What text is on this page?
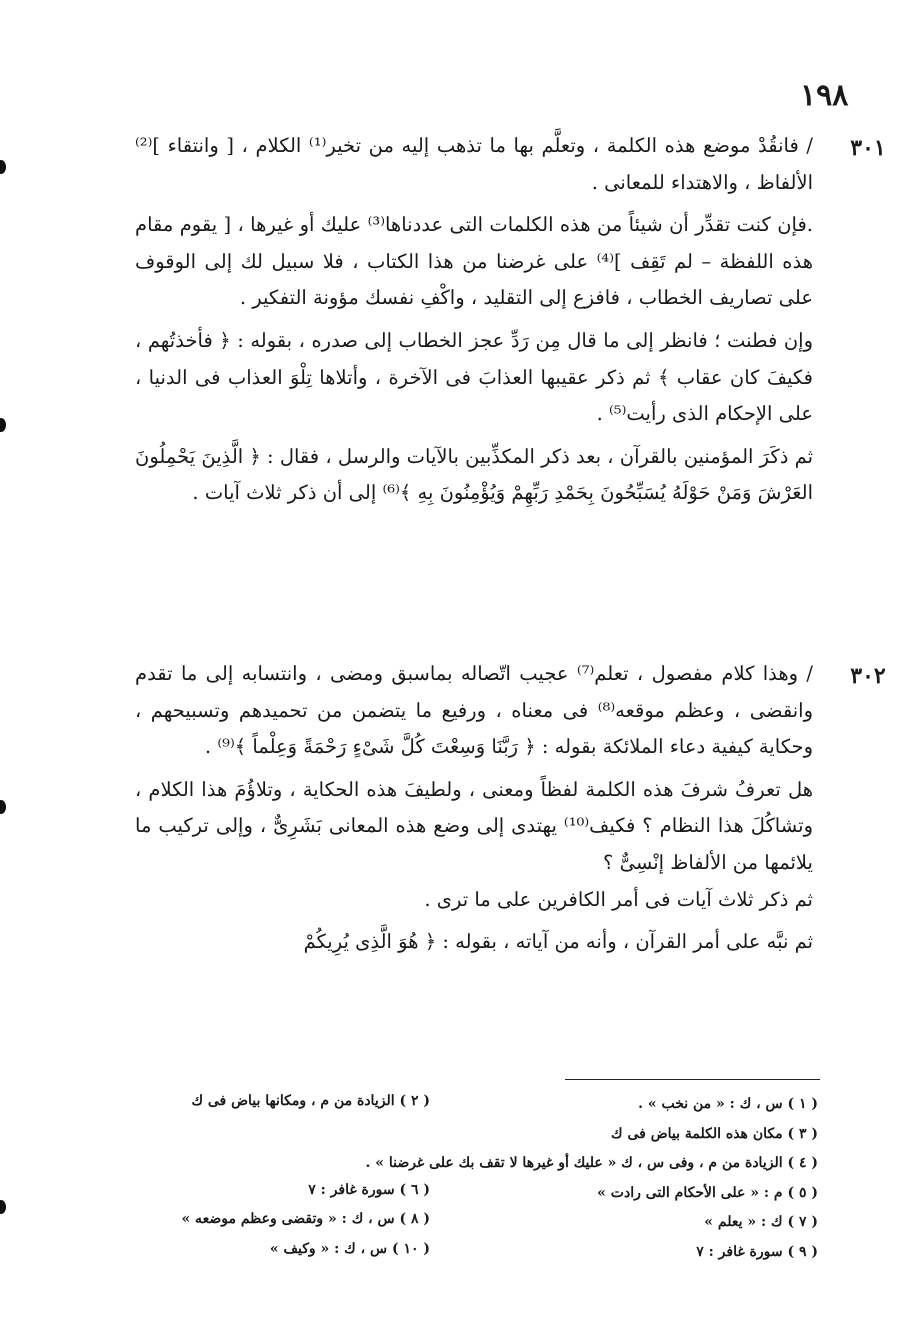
١٩٨
٣٠١
٣٠٢

/ فانقُدْ موضع هذه الكلمة ، وتعلَّم بها ما تذهب إليه من تخير⁽¹⁾ الكلام ، [ وانتقاء ]⁽²⁾ الألفاظ ، والاهتداء للمعانى .

.فإن كنت تقدِّر أن شيئاً من هذه الكلمات التى عددناها⁽³⁾ عليك أو غيرها ، [ يقوم مقام هذه اللفظة – لم تَقِف ]⁽⁴⁾ على غرضنا من هذا الكتاب ، فلا سبيل لك إلى الوقوف على تصاريف الخطاب ، فافزع إلى التقليد ، واكْفِ نفسك مؤونة التفكير .

وإن فطنت ؛ فانظر إلى ما قال مِن رَدِّ عجز الخطاب إلى صدره ، بقوله : ﴿ فأخذتُهم ، فكيفَ كان عقاب ﴾ ثم ذكر عقيبها العذابَ فى الآخرة ، وأتلاها تِلْوَ العذاب فى الدنيا ، على الإحكام الذى رأيت⁽⁵⁾ .

ثم ذكَرَ المؤمنين بالقرآن ، بعد ذكر المكذِّبين بالآيات والرسل ، فقال : ﴿ الَّذِينَ يَحْمِلُونَ العَرْشَ وَمَنْ حَوْلَهُ يُسَبِّحُونَ بِحَمْدِ رَبِّهِمْ وَيُؤْمِنُونَ بِهِ ﴾⁽⁶⁾ إلى أن ذكر ثلاث آيات .

/ وهذا كلام مفصول ، تعلم⁽⁷⁾ عجيب اتّصاله بماسبق ومضى ، وانتسابه إلى ما تقدم وانقضى ، وعظم موقعه⁽⁸⁾ فى معناه ، ورفيع ما يتضمن من تحميدهم وتسبيحهم ، وحكاية كيفية دعاء الملائكة بقوله : ﴿ رَبَّنَا وَسِعْتَ كُلَّ شَىْءٍ رَحْمَةً وَعِلْماً ﴾⁽⁹⁾ .

هل تعرفُ شرفَ هذه الكلمة لفظاً ومعنى ، ولطيفَ هذه الحكاية ، وتلاؤُمَ هذا الكلام ، وتشاكُلَ هذا النظام ؟ فكيف⁽¹⁰⁾ يهتدى إلى وضع هذه المعانى بَشَرِىٌّ ، وإلى تركيب ما يلائمها من الألفاظ إنْسِىٌّ ؟

ثم ذكر ثلاث آيات فى أمر الكافرين على ما ترى .

ثم نبَّه على أمر القرآن ، وأنه من آياته ، بقوله : ﴿ هُوَ الَّذِى يُرِيكُمْ

( ١ ) س ، ك : « من نخب » .

( ٣ ) مكان هذه الكلمة بياض فى ك

( ٤ ) الزيادة من م ، وفى س ، ك « عليك أو غيرها لا تقف بك على غرضنا » .

( ٥ ) م : « على الأحكام التى رادت »

( ٧ ) ك : « يعلم »

( ٩ ) سورة غافر : ٧

( ٢ ) الزيادة من م ، ومكانها بياض فى ك

( ٦ ) سورة غافر : ٧

( ٨ ) س ، ك : « وتقضى وعظم موضعه »

( ١٠ ) س ، ك : « وكيف »
